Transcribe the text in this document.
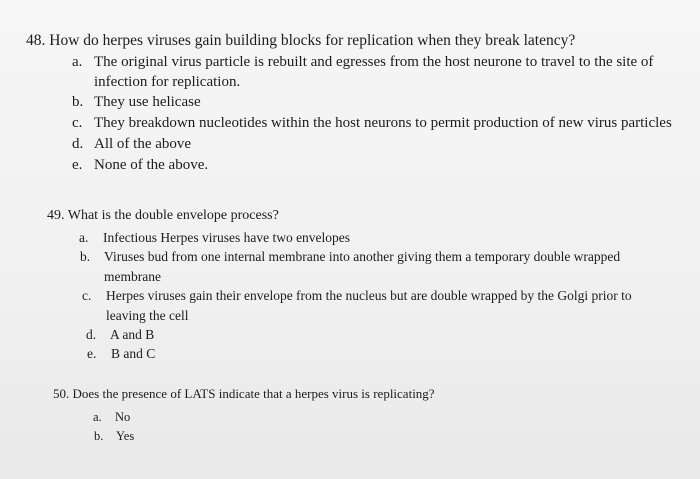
48. How do herpes viruses gain building blocks for replication when they break latency?
a. The original virus particle is rebuilt and egresses from the host neurone to travel to the site of
infection for replication.
b. They use helicase
c. They breakdown nucleotides within the host neurons to permit production of new virus particles
d. All of the above
e. None of the above.
49. What is the double envelope process?
a. Infectious Herpes viruses have two envelopes
b. Viruses bud from one internal membrane into another giving them a temporary double wrapped
membrane
c. Herpes viruses gain their envelope from the nucleus but are double wrapped by the Golgi prior to
leaving the cell
d. A and B
e. B and C
50. Does the presence of LATS indicate that a herpes virus is replicating?
a. No
b. Yes
